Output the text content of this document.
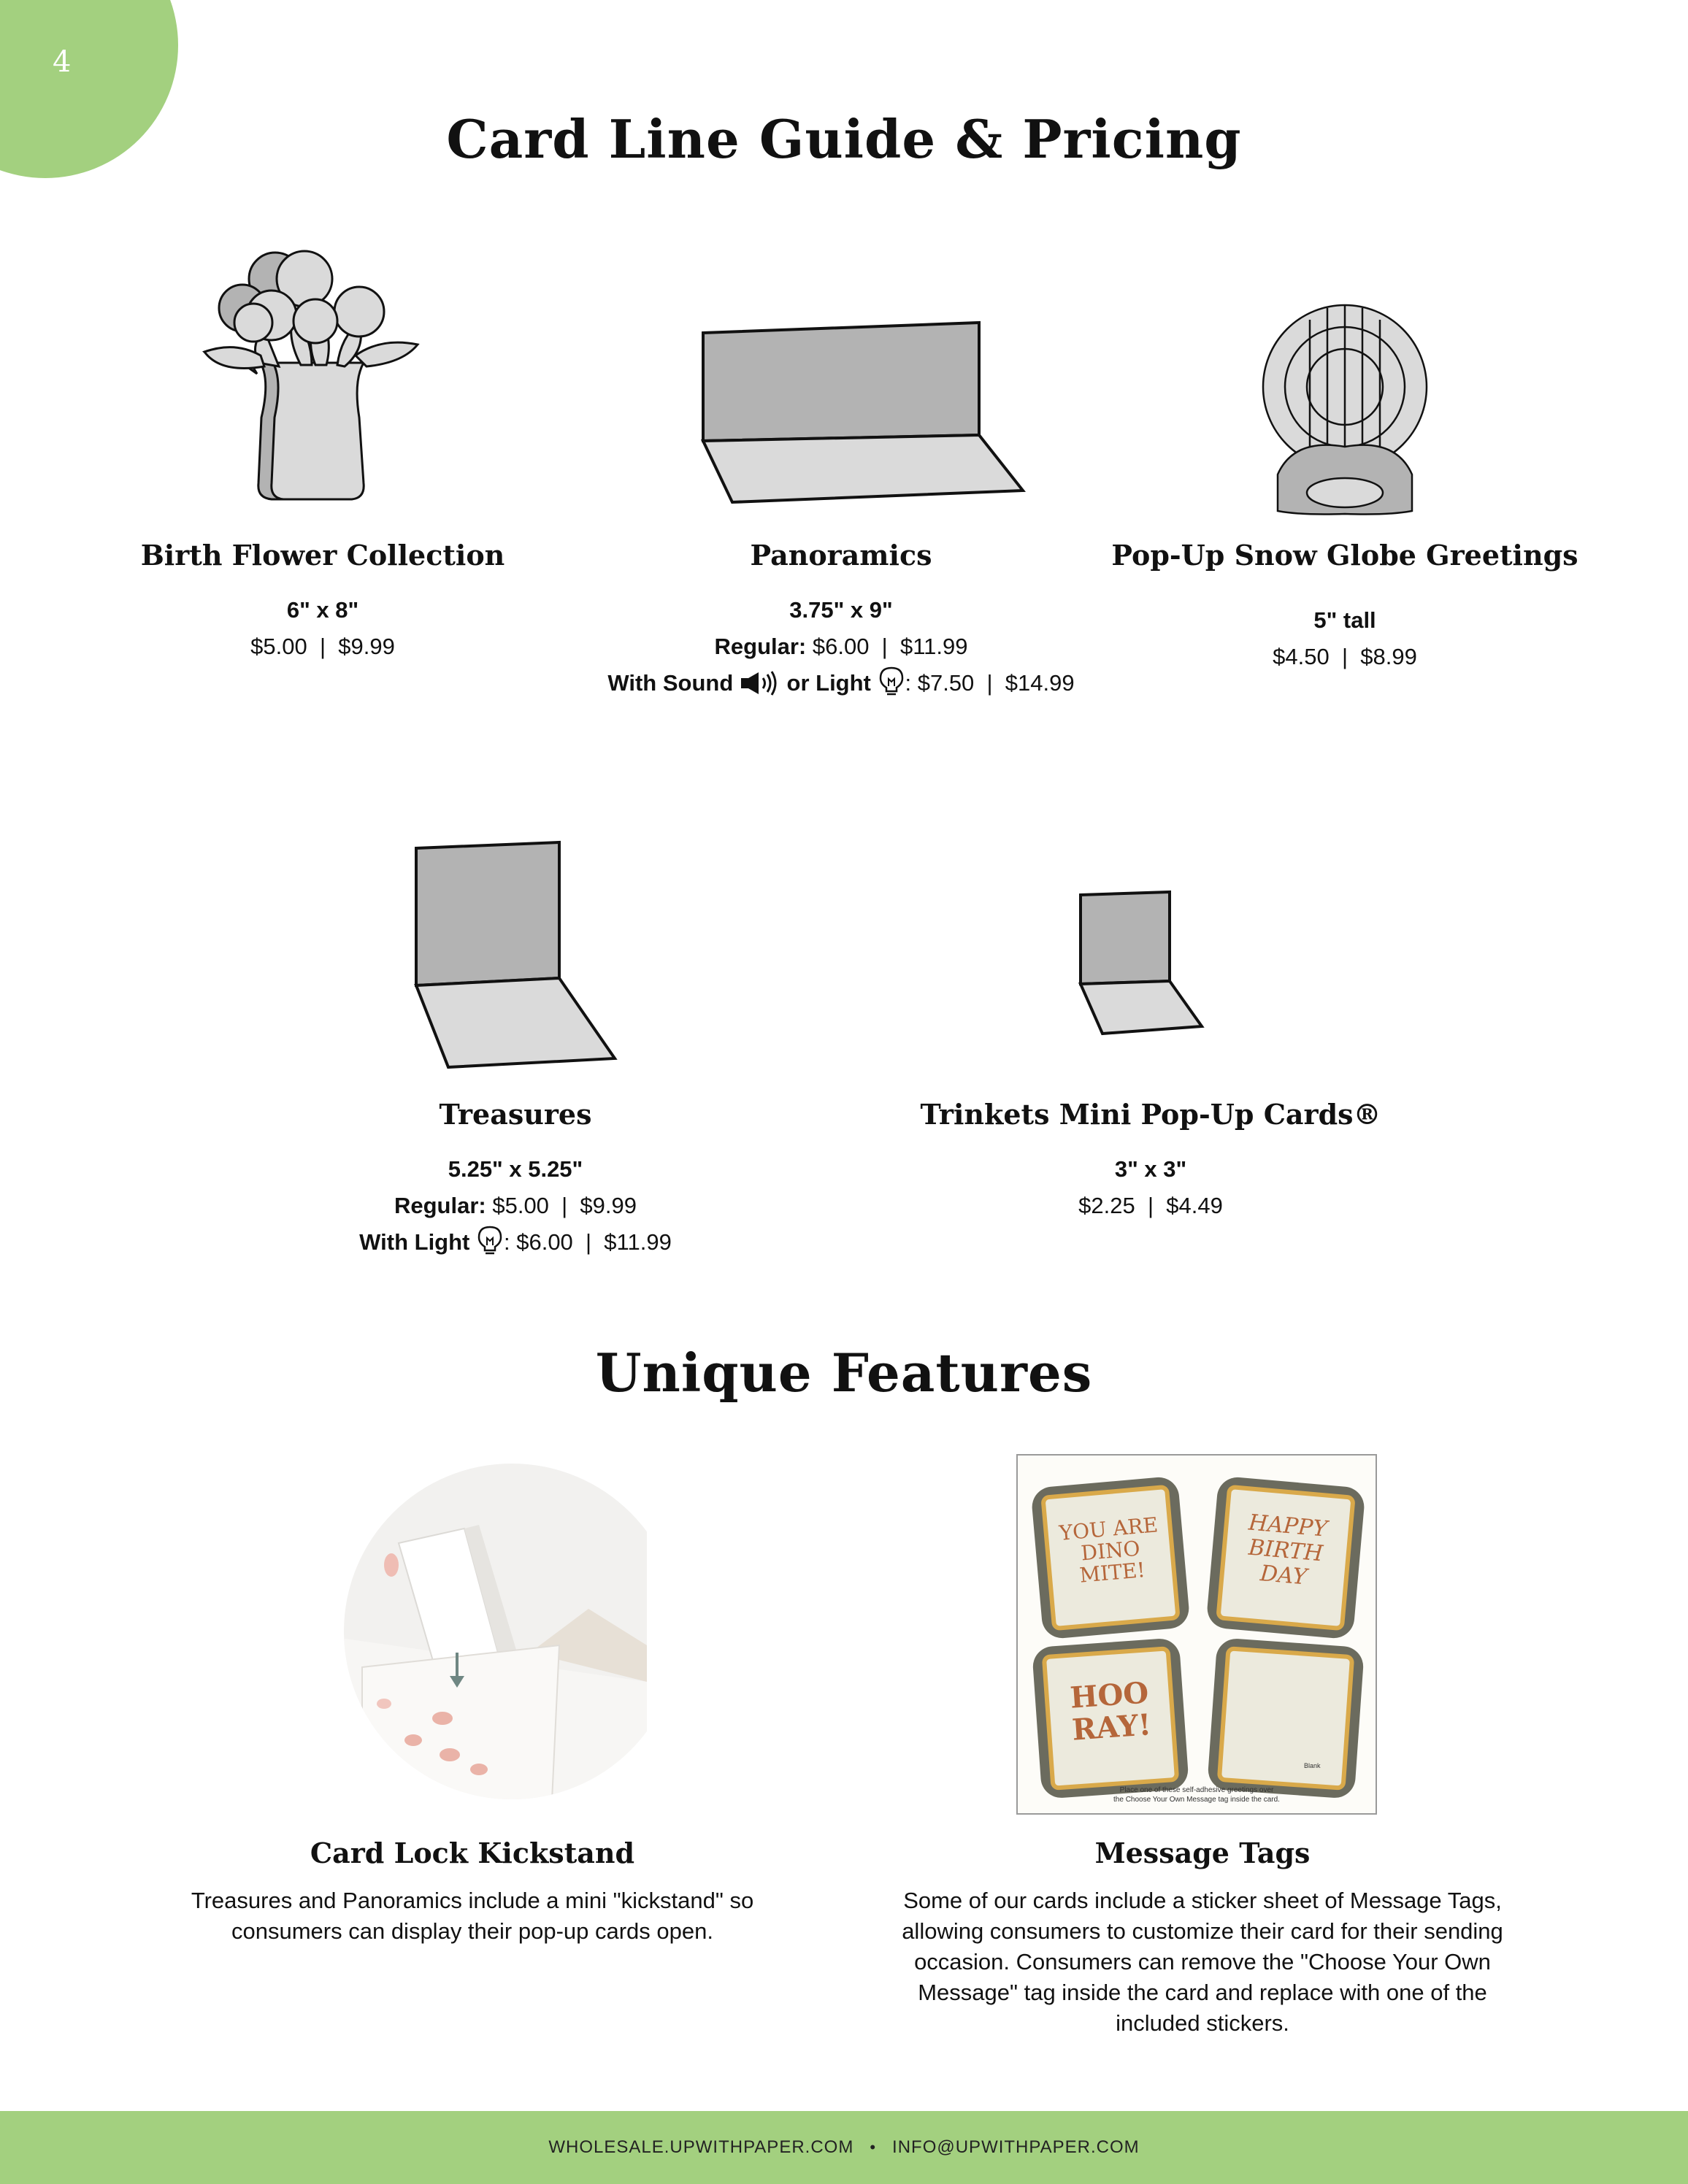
4
Card Line Guide & Pricing
Birth Flower Collection
6" x 8"
$5.00  |  $9.99
Panoramics
3.75" x 9"
Regular: $6.00  |  $11.99
With Sound or Light : $7.50  |  $14.99
Pop-Up Snow Globe Greetings
5" tall
$4.50  |  $8.99
Treasures
5.25" x 5.25"
Regular: $5.00  |  $9.99
With Light : $6.00  |  $11.99
Trinkets Mini Pop-Up Cards®
3" x 3"
$2.25  |  $4.49
Unique Features
YOU ARE DINO MITE!
HAPPY BIRTH DAY
HOO RAY!
Blank
Place one of these self-adhesive greetings over
the Choose Your Own Message tag inside the card.
Card Lock Kickstand
Treasures and Panoramics include a mini "kickstand" so consumers can display their pop-up cards open.
Message Tags
Some of our cards include a sticker sheet of Message Tags, allowing consumers to customize their card for their sending occasion. Consumers can remove the "Choose Your Own Message" tag inside the card and replace with one of the included stickers.
WHOLESALE.UPWITHPAPER.COM • INFO@UPWITHPAPER.COM
